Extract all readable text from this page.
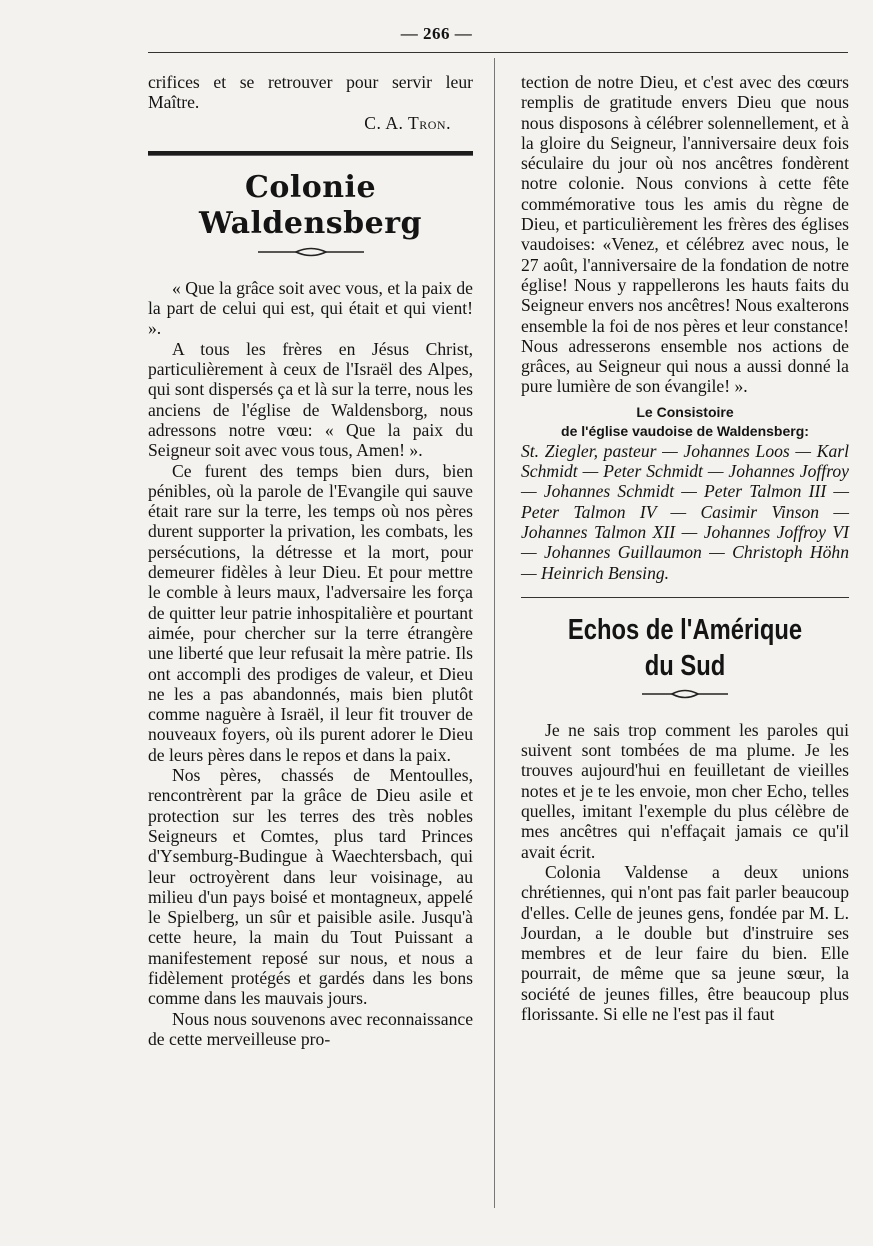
— 266 —

crifices et se retrouver pour servir leur Maître.

C. A. Tron.

Colonie Waldensberg

« Que la grâce soit avec vous, et la paix de la part de celui qui est, qui était et qui vient! ».

A tous les frères en Jésus Christ, particulièrement à ceux de l'Israël des Alpes, qui sont dispersés ça et là sur la terre, nous les anciens de l'église de Waldensborg, nous adressons notre vœu: « Que la paix du Seigneur soit avec vous tous, Amen! ».

Ce furent des temps bien durs, bien pénibles, où la parole de l'Evangile qui sauve était rare sur la terre, les temps où nos pères durent supporter la privation, les combats, les persécutions, la détresse et la mort, pour demeurer fidèles à leur Dieu. Et pour mettre le comble à leurs maux, l'adversaire les força de quitter leur patrie inhospitalière et pourtant aimée, pour chercher sur la terre étrangère une liberté que leur refusait la mère patrie. Ils ont accompli des prodiges de valeur, et Dieu ne les a pas abandonnés, mais bien plutôt comme naguère à Israël, il leur fit trouver de nouveaux foyers, où ils purent adorer le Dieu de leurs pères dans le repos et dans la paix.

Nos pères, chassés de Mentoulles, rencontrèrent par la grâce de Dieu asile et protection sur les terres des très nobles Seigneurs et Comtes, plus tard Princes d'Ysemburg-Budingue à Waechtersbach, qui leur octroyèrent dans leur voisinage, au milieu d'un pays boisé et montagneux, appelé le Spielberg, un sûr et paisible asile. Jusqu'à cette heure, la main du Tout Puissant a manifestement reposé sur nous, et nous a fidèlement protégés et gardés dans les bons comme dans les mauvais jours.

Nous nous souvenons avec reconnaissance de cette merveilleuse pro-

tection de notre Dieu, et c'est avec des cœurs remplis de gratitude envers Dieu que nous nous disposons à célébrer solennellement, et à la gloire du Seigneur, l'anniversaire deux fois séculaire du jour où nos ancêtres fondèrent notre colonie. Nous convions à cette fête commémorative tous les amis du règne de Dieu, et particulièrement les frères des églises vaudoises: «Venez, et célébrez avec nous, le 27 août, l'anniversaire de la fondation de notre église! Nous y rappellerons les hauts faits du Seigneur envers nos ancêtres! Nous exalterons ensemble la foi de nos pères et leur constance! Nous adresserons ensemble nos actions de grâces, au Seigneur qui nous a aussi donné la pure lumière de son évangile! ».

Le Consistoire
de l'église vaudoise de Waldensberg:

St. Ziegler, pasteur — Johannes Loos — Karl Schmidt — Peter Schmidt — Johannes Joffroy — Johannes Schmidt — Peter Talmon III — Peter Talmon IV — Casimir Vinson — Johannes Talmon XII — Johannes Joffroy VI — Johannes Guillaumon — Christoph Höhn — Heinrich Bensing.

Echos de l'Amérique du Sud

Je ne sais trop comment les paroles qui suivent sont tombées de ma plume. Je les trouves aujourd'hui en feuilletant de vieilles notes et je te les envoie, mon cher Echo, telles quelles, imitant l'exemple du plus célèbre de mes ancêtres qui n'effaçait jamais ce qu'il avait écrit.

Colonia Valdense a deux unions chrétiennes, qui n'ont pas fait parler beaucoup d'elles. Celle de jeunes gens, fondée par M. L. Jourdan, a le double but d'instruire ses membres et de leur faire du bien. Elle pourrait, de même que sa jeune sœur, la société de jeunes filles, être beaucoup plus florissante. Si elle ne l'est pas il faut
